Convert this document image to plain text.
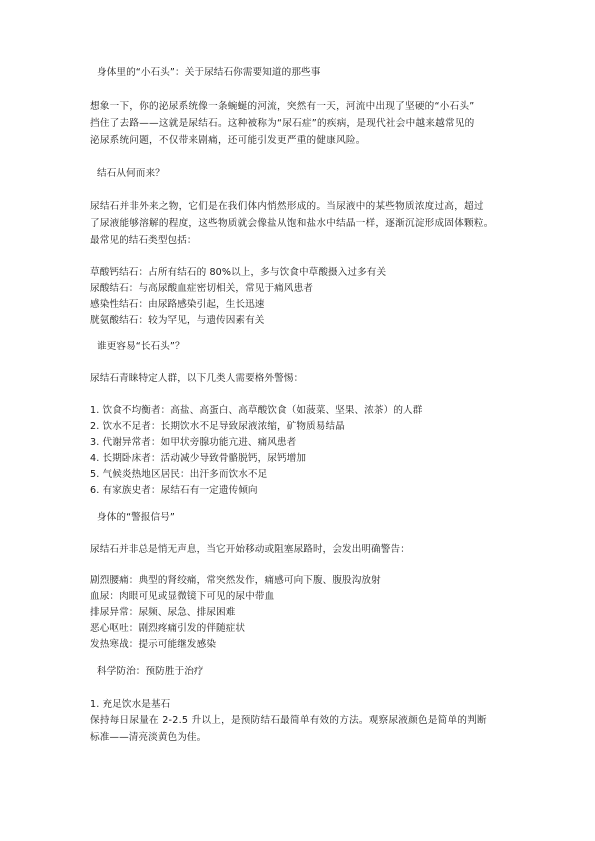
身体里的“小石头”：关于尿结石你需要知道的那些事
想象一下，你的泌尿系统像一条蜿蜒的河流，突然有一天，河流中出现了坚硬的“小石头”
挡住了去路——这就是尿结石。这种被称为“尿石症”的疾病，是现代社会中越来越常见的
泌尿系统问题，不仅带来剧痛，还可能引发更严重的健康风险。
结石从何而来？
尿结石并非外来之物，它们是在我们体内悄然形成的。当尿液中的某些物质浓度过高，超过
了尿液能够溶解的程度，这些物质就会像盐从饱和盐水中结晶一样，逐渐沉淀形成固体颗粒。
最常见的结石类型包括：
草酸钙结石：占所有结石的 80%以上，多与饮食中草酸摄入过多有关
尿酸结石：与高尿酸血症密切相关，常见于痛风患者
感染性结石：由尿路感染引起，生长迅速
胱氨酸结石：较为罕见，与遗传因素有关
谁更容易“长石头”？
尿结石青睐特定人群，以下几类人需要格外警惕：
1. 饮食不均衡者：高盐、高蛋白、高草酸饮食（如菠菜、坚果、浓茶）的人群
2. 饮水不足者：长期饮水不足导致尿液浓缩，矿物质易结晶
3. 代谢异常者：如甲状旁腺功能亢进、痛风患者
4. 长期卧床者：活动减少导致骨骼脱钙，尿钙增加
5. 气候炎热地区居民：出汗多而饮水不足
6. 有家族史者：尿结石有一定遗传倾向
身体的“警报信号”
尿结石并非总是悄无声息，当它开始移动或阻塞尿路时，会发出明确警告：
剧烈腰痛：典型的肾绞痛，常突然发作，痛感可向下腹、腹股沟放射
血尿：肉眼可见或显微镜下可见的尿中带血
排尿异常：尿频、尿急、排尿困难
恶心呕吐：剧烈疼痛引发的伴随症状
发热寒战：提示可能继发感染
科学防治：预防胜于治疗
1. 充足饮水是基石
保持每日尿量在 2-2.5 升以上，是预防结石最简单有效的方法。观察尿液颜色是简单的判断
标准——清亮淡黄色为佳。
